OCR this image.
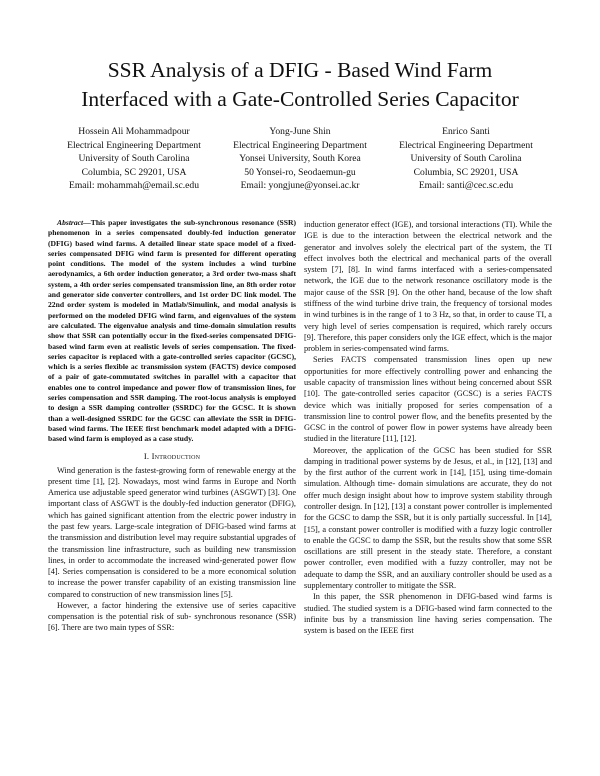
SSR Analysis of a DFIG - Based Wind Farm
Interfaced with a Gate-Controlled Series Capacitor
Hossein Ali Mohammadpour
Electrical Engineering Department
University of South Carolina
Columbia, SC 29201, USA
Email: mohammah@email.sc.edu
Yong-June Shin
Electrical Engineering Department
Yonsei University, South Korea
50 Yonsei-ro, Seodaemun-gu
Email: yongjune@yonsei.ac.kr
Enrico Santi
Electrical Engineering Department
University of South Carolina
Columbia, SC 29201, USA
Email: santi@cec.sc.edu

Abstract—This paper investigates the sub-synchronous resonance (SSR) phenomenon in a series compensated doubly-fed induction generator (DFIG) based wind farms. A detailed linear state space model of a fixed-series compensated DFIG wind farm is presented for different operating point conditions. The model of the system includes a wind turbine aerodynamics, a 6th order induction generator, a 3rd order two-mass shaft system, a 4th order series compensated transmission line, an 8th order rotor and generator side converter controllers, and 1st order DC link model. The 22nd order system is modeled in Matlab/Simulink, and modal analysis is performed on the modeled DFIG wind farm, and eigenvalues of the system are calculated. The eigenvalue analysis and time-domain simulation results show that SSR can potentially occur in the fixed-series compensated DFIG-based wind farm even at realistic levels of series compensation. The fixed-series capacitor is replaced with a gate-controlled series capacitor (GCSC), which is a series flexible ac transmission system (FACTS) device composed of a pair of gate-commutated switches in parallel with a capacitor that enables one to control impedance and power flow of transmission lines, for series compensation and SSR damping. The root-locus analysis is employed to design a SSR damping controller (SSRDC) for the GCSC. It is shown than a well-designed SSRDC for the GCSC can alleviate the SSR in DFIG-based wind farms. The IEEE first benchmark model adapted with a DFIG-based wind farm is employed as a case study.

I. Introduction

Wind generation is the fastest-growing form of renewable energy at the present time [1], [2]. Nowadays, most wind farms in Europe and North America use adjustable speed generator wind turbines (ASGWT) [3]. One important class of ASGWT is the doubly-fed induction generator (DFIG), which has gained significant attention from the electric power industry in the past few years. Large-scale integration of DFIG-based wind farms at the transmission and distribution level may require substantial upgrades of the transmission line infrastructure, such as building new transmission lines, in order to accommodate the increased wind-generated power flow [4]. Series compensation is considered to be a more economical solution to increase the power transfer capability of an existing transmission line compared to construction of new transmission lines [5].

However, a factor hindering the extensive use of series capacitive compensation is the potential risk of sub- synchronous resonance (SSR) [6]. There are two main types of SSR:

induction generator effect (IGE), and torsional interactions (TI). While the IGE is due to the interaction between the electrical network and the generator and involves solely the electrical part of the system, the TI effect involves both the electrical and mechanical parts of the overall system [7], [8]. In wind farms interfaced with a series-compensated network, the IGE due to the network resonance oscillatory mode is the major cause of the SSR [9]. On the other hand, because of the low shaft stiffness of the wind turbine drive train, the frequency of torsional modes in wind turbines is in the range of 1 to 3 Hz, so that, in order to cause TI, a very high level of series compensation is required, which rarely occurs [9]. Therefore, this paper considers only the IGE effect, which is the major problem in series-compensated wind farms.

Series FACTS compensated transmission lines open up new opportunities for more effectively controlling power and enhancing the usable capacity of transmission lines without being concerned about SSR [10]. The gate-controlled series capacitor (GCSC) is a series FACTS device which was initially proposed for series compensation of a transmission line to control power flow, and the benefits presented by the GCSC in the control of power flow in power systems have already been studied in the literature [11], [12].

Moreover, the application of the GCSC has been studied for SSR damping in traditional power systems by de Jesus, et al., in [12], [13] and by the first author of the current work in [14], [15], using time-domain simulation. Although time- domain simulations are accurate, they do not offer much design insight about how to improve system stability through controller design. In [12], [13] a constant power controller is implemented for the GCSC to damp the SSR, but it is only partially successful. In [14], [15], a constant power controller is modified with a fuzzy logic controller to enable the GCSC to damp the SSR, but the results show that some SSR oscillations are still present in the steady state. Therefore, a constant power controller, even modified with a fuzzy controller, may not be adequate to damp the SSR, and an auxiliary controller should be used as a supplementary controller to mitigate the SSR.

In this paper, the SSR phenomenon in DFIG-based wind farms is studied. The studied system is a DFIG-based wind farm connected to the infinite bus by a transmission line having series compensation. The system is based on the IEEE first
